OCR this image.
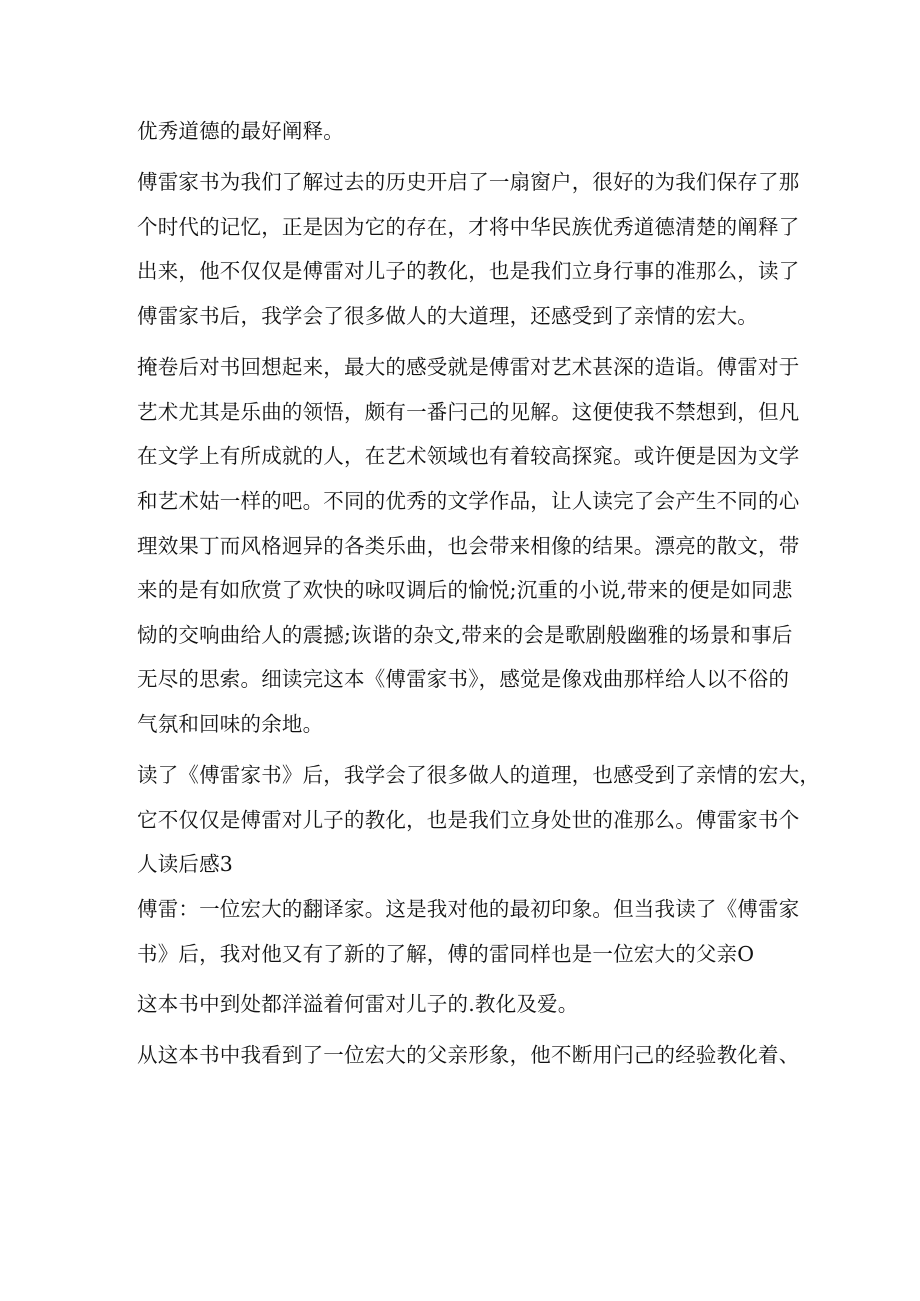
优秀道德的最好阐释。
傅雷家书为我们了解过去的历史开启了一扇窗户，很好的为我们保存了那
个时代的记忆，正是因为它的存在，才将中华民族优秀道德清楚的阐释了
出来，他不仅仅是傅雷对儿子的教化，也是我们立身行事的准那么，读了
傅雷家书后，我学会了很多做人的大道理，还感受到了亲情的宏大。
掩卷后对书回想起来，最大的感受就是傅雷对艺术甚深的造诣。傅雷对于
艺术尤其是乐曲的领悟，颇有一番闩己的见解。这便使我不禁想到，但凡
在文学上有所成就的人，在艺术领域也有着较高探窕。或许便是因为文学
和艺术姑一样的吧。不同的优秀的文学作品，让人读完了会产生不同的心
理效果丁而风格迥异的各类乐曲，也会带来相像的结果。漂亮的散文，带
来的是有如欣赏了欢快的咏叹调后的愉悦;沉重的小说,带来的便是如同悲
恸的交响曲给人的震撼;诙谐的杂文,带来的会是歌剧般幽雅的场景和事后
无尽的思索。细读完这本《傅雷家书》，感觉是像戏曲那样给人以不俗的
气氛和回味的余地。
读了《傅雷家书》后，我学会了很多做人的道理，也感受到了亲情的宏大，
它不仅仅是傅雷对儿子的教化，也是我们立身处世的准那么。傅雷家书个
人读后感3
傅雷：一位宏大的翻译家。这是我对他的最初印象。但当我读了《傅雷家
书》后，我对他又有了新的了解，傅的雷同样也是一位宏大的父亲O
这本书中到处都洋溢着何雷对儿子的.教化及爱。
从这本书中我看到了一位宏大的父亲形象，他不断用闩己的经验教化着、
